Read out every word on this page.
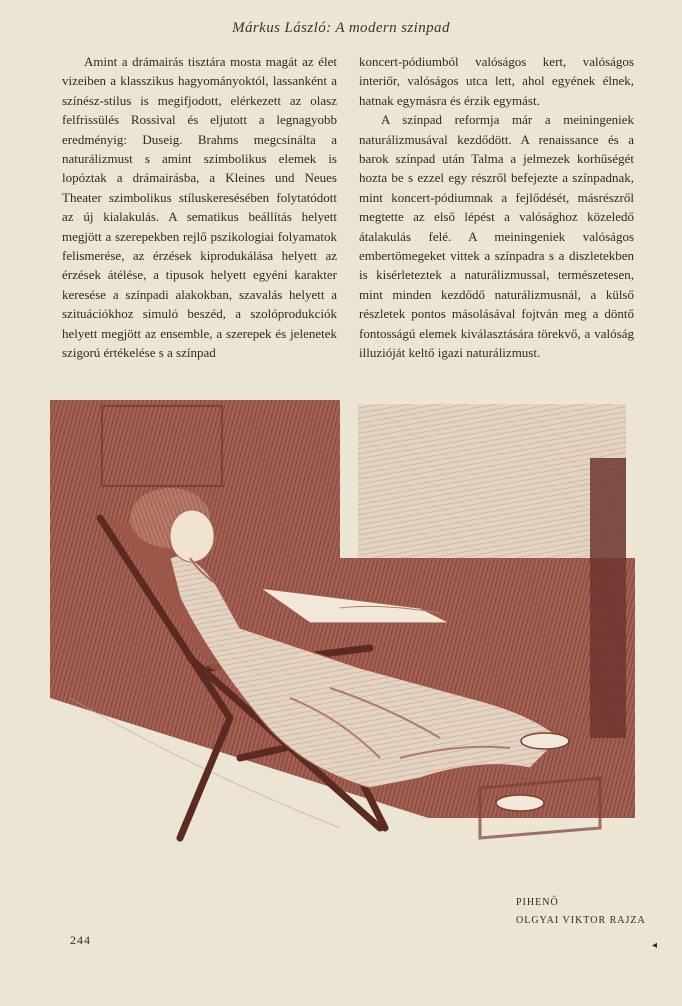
Márkus László: A modern szinpad

Amint a drámairás tisztára mosta magát az élet vizeiben a klasszikus hagyományoktól, lassanként a színész-stilus is megifjodott, elérkezett az olasz felfrissülés Rossival és eljutott a legnagyobb eredményig: Duseig. Brahms megcsinálta a naturálizmust s amint szimbolikus elemek is lopóztak a drámairásba, a Kleines und Neues Theater szimbolikus stíluskeresésében folytatódott az új kialakulás. A sematikus beállítás helyett megjött a szerepekben rejlő pszikologiai folyamatok felismerése, az érzések kiprodukálása helyett az érzések átélése, a tipusok helyett egyéni karakter keresése a színpadi alakokban, szavalás helyett a szituációkhoz simuló beszéd, a szolóprodukciók helyett megjött az ensemble, a szerepek és jelenetek szigorú értékelése s a színpad

koncert-pódiumból valóságos kert, valóságos interiőr, valóságos utca lett, ahol egyének élnek, hatnak egymásra és érzik egymást.

A színpad reformja már a meiningeniek naturálizmusával kezdődött. A renaissance és a barok színpad után Talma a jelmezek korhűségét hozta be s ezzel egy részről befejezte a színpadnak, mint koncert-pódiumnak a fejlődését, másrészről megtette az első lépést a valósághoz közeledő átalakulás felé. A meiningeniek valóságos embertömegeket vittek a színpadra s a diszletekben is kisérleteztek a naturálizmussal, természetesen, mint minden kezdődő naturálizmusnál, a külső részletek pontos másolásával fojtván meg a döntő fontosságú elemek kiválasztására törekvő, a valóság illuzióját keltő igazi naturálizmust.

PIHENŐ
OLGYAI VIKTOR RAJZA
244	◂
